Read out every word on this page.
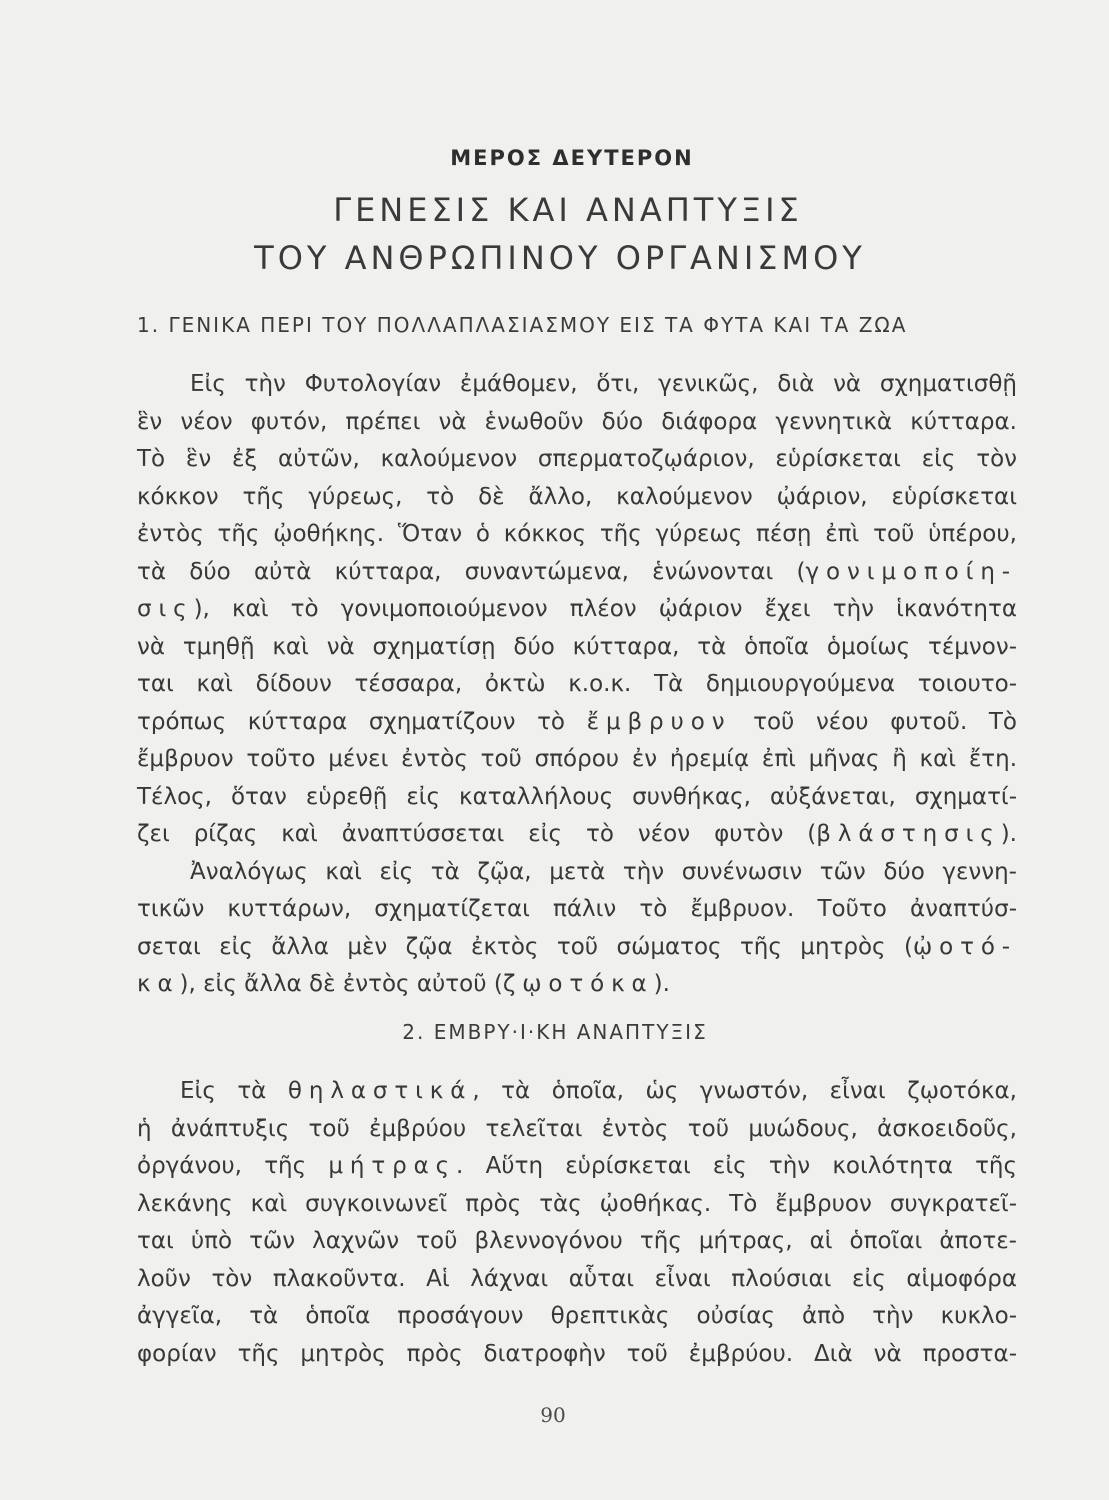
ΜΕΡΟΣ ΔΕΥΤΕΡΟΝ
ΓΕΝΕΣΙΣ ΚΑΙ ΑΝΑΠΤΥΞΙΣ
ΤΟΥ ΑΝΘΡΩΠΙΝΟΥ ΟΡΓΑΝΙΣΜΟΥ
1. ΓΕΝΙΚΑ ΠΕΡΙ ΤΟΥ ΠΟΛΛΑΠΛΑΣΙΑΣΜΟΥ ΕΙΣ ΤΑ ΦΥΤΑ ΚΑΙ ΤΑ ΖΩΑ
Εἰς τὴν Φυτολογίαν ἐμάθομεν, ὅτι, γενικῶς, διὰ νὰ σχηματισθῇ
ἓν νέον φυτόν, πρέπει νὰ ἑνωθοῦν δύο διάφορα γεννητικὰ κύτταρα.
Τὸ ἓν ἐξ αὐτῶν, καλούμενον σπερματοζῳάριον, εὑρίσκεται εἰς τὸν
κόκκον τῆς γύρεως, τὸ δὲ ἄλλο, καλούμενον ᾠάριον, εὑρίσκεται
ἐντὸς τῆς ᾠοθήκης. Ὅταν ὁ κόκκος τῆς γύρεως πέσῃ ἐπὶ τοῦ ὑπέρου,
τὰ δύο αὐτὰ κύτταρα, συναντώμενα, ἑνώνονται (γονιμοποίη-
σις), καὶ τὸ γονιμοποιούμενον πλέον ᾠάριον ἔχει τὴν ἱκανότητα
νὰ τμηθῇ καὶ νὰ σχηματίσῃ δύο κύτταρα, τὰ ὁποῖα ὁμοίως τέμνον-
ται καὶ δίδουν τέσσαρα, ὀκτὼ κ.ο.κ. Τὰ δημιουργούμενα τοιουτο-
τρόπως κύτταρα σχηματίζουν τὸ ἔμβρυον τοῦ νέου φυτοῦ. Τὸ
ἔμβρυον τοῦτο μένει ἐντὸς τοῦ σπόρου ἐν ἠρεμίᾳ ἐπὶ μῆνας ἢ καὶ ἔτη.
Τέλος, ὅταν εὑρεθῇ εἰς καταλλήλους συνθήκας, αὐξάνεται, σχηματί-
ζει ρίζας καὶ ἀναπτύσσεται εἰς τὸ νέον φυτὸν (βλάστησις).
Ἀναλόγως καὶ εἰς τὰ ζῷα, μετὰ τὴν συνένωσιν τῶν δύο γεννη-
τικῶν κυττάρων, σχηματίζεται πάλιν τὸ ἔμβρυον. Τοῦτο ἀναπτύσ-
σεται εἰς ἄλλα μὲν ζῷα ἐκτὸς τοῦ σώματος τῆς μητρὸς (ᾠοτό-
κα), εἰς ἄλλα δὲ ἐντὸς αὐτοῦ (ζῳοτόκα).
2. ΕΜΒΡΥ·Ι·ΚΗ ΑΝΑΠΤΥΞΙΣ
Εἰς τὰ θηλαστικά, τὰ ὁποῖα, ὡς γνωστόν, εἶναι ζῳοτόκα,
ἡ ἀνάπτυξις τοῦ ἐμβρύου τελεῖται ἐντὸς τοῦ μυώδους, ἀσκοειδοῦς,
ὀργάνου, τῆς μήτρας. Αὕτη εὑρίσκεται εἰς τὴν κοιλότητα τῆς
λεκάνης καὶ συγκοινωνεῖ πρὸς τὰς ᾠοθήκας. Τὸ ἔμβρυον συγκρατεῖ-
ται ὑπὸ τῶν λαχνῶν τοῦ βλεννογόνου τῆς μήτρας, αἱ ὁποῖαι ἀποτε-
λοῦν τὸν πλακοῦντα. Αἱ λάχναι αὗται εἶναι πλούσιαι εἰς αἱμοφόρα
ἀγγεῖα, τὰ ὁποῖα προσάγουν θρεπτικὰς οὐσίας ἀπὸ τὴν κυκλο-
φορίαν τῆς μητρὸς πρὸς διατροφὴν τοῦ ἐμβρύου. Διὰ νὰ προστα-
90
